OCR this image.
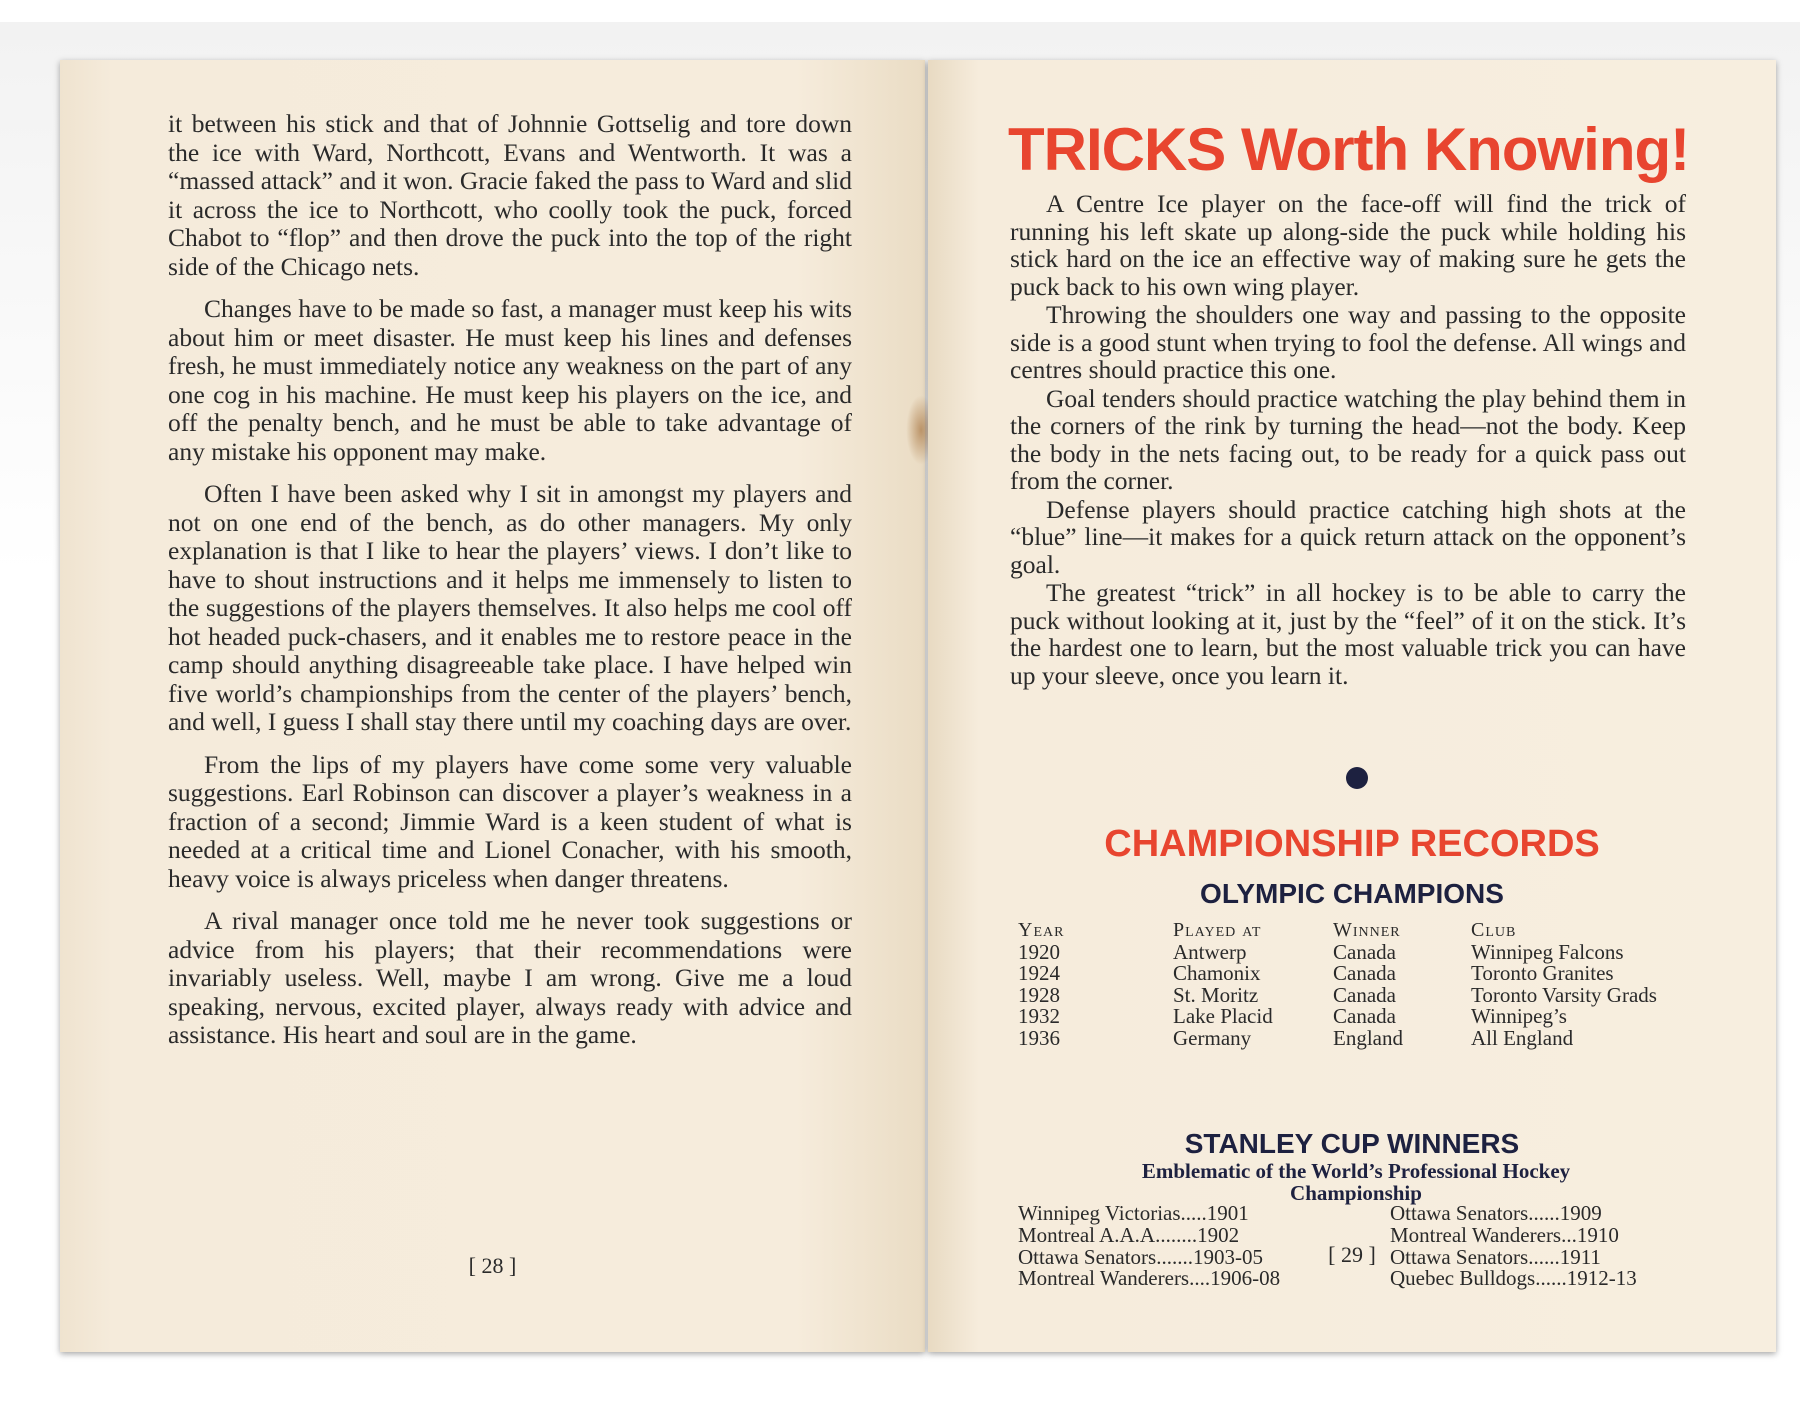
it between his stick and that of Johnnie Gottselig and tore down the ice with Ward, Northcott, Evans and Wentworth. It was a “massed attack” and it won. Gracie faked the pass to Ward and slid it across the ice to Northcott, who coolly took the puck, forced Chabot to “flop” and then drove the puck into the top of the right side of the Chicago nets.

Changes have to be made so fast, a manager must keep his wits about him or meet disaster. He must keep his lines and defenses fresh, he must immediately notice any weakness on the part of any one cog in his machine. He must keep his players on the ice, and off the penalty bench, and he must be able to take advantage of any mistake his opponent may make.

Often I have been asked why I sit in amongst my players and not on one end of the bench, as do other managers. My only explanation is that I like to hear the players’ views. I don’t like to have to shout instructions and it helps me immensely to listen to the suggestions of the players themselves. It also helps me cool off hot headed puck-chasers, and it enables me to restore peace in the camp should anything disagreeable take place. I have helped win five world’s championships from the center of the players’ bench, and well, I guess I shall stay there until my coaching days are over.

From the lips of my players have come some very valuable suggestions. Earl Robinson can discover a player’s weakness in a fraction of a second; Jimmie Ward is a keen student of what is needed at a critical time and Lionel Conacher, with his smooth, heavy voice is always priceless when danger threatens.

A rival manager once told me he never took suggestions or advice from his players; that their recommendations were invariably useless. Well, maybe I am wrong. Give me a loud speaking, nervous, excited player, always ready with advice and assistance. His heart and soul are in the game.

[ 28 ]
TRICKS Worth Knowing!

A Centre Ice player on the face-off will find the trick of running his left skate up along-side the puck while holding his stick hard on the ice an effective way of making sure he gets the puck back to his own wing player.

Throwing the shoulders one way and passing to the opposite side is a good stunt when trying to fool the defense. All wings and centres should practice this one.

Goal tenders should practice watching the play behind them in the corners of the rink by turning the head—not the body. Keep the body in the nets facing out, to be ready for a quick pass out from the corner.

Defense players should practice catching high shots at the “blue” line—it makes for a quick return attack on the opponent’s goal.

The greatest “trick” in all hockey is to be able to carry the puck without looking at it, just by the “feel” of it on the stick. It’s the hardest one to learn, but the most valuable trick you can have up your sleeve, once you learn it.

CHAMPIONSHIP RECORDS
OLYMPIC CHAMPIONS
Year	Played at	Winner	Club
1920	Antwerp	Canada	Winnipeg Falcons
1924	Chamonix	Canada	Toronto Granites
1928	St. Moritz	Canada	Toronto Varsity Grads
1932	Lake Placid	Canada	Winnipeg’s
1936	Germany	England	All England
STANLEY CUP WINNERS
Emblematic of the World’s Professional Hockey
Championship
Winnipeg Victorias.....1901
Montreal A.A.A........1902
Ottawa Senators.......1903-05
Montreal Wanderers....1906-08
Ottawa Senators......1909
Montreal Wanderers...1910
Ottawa Senators......1911
Quebec Bulldogs......1912-13
[ 29 ]
